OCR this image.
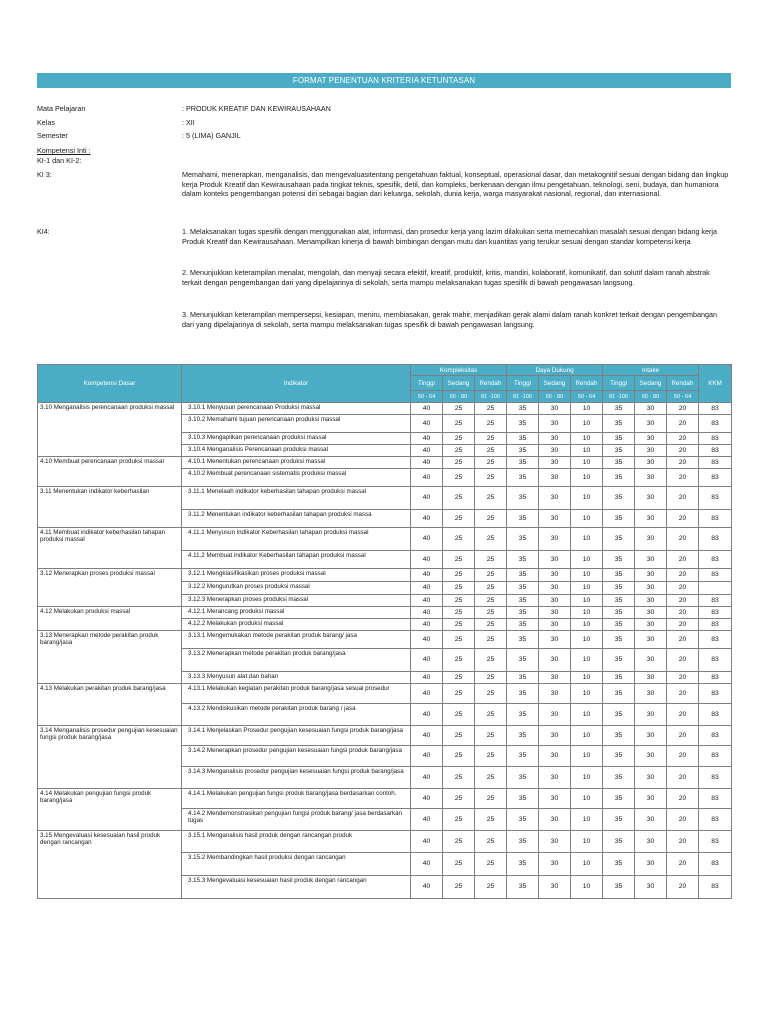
FORMAT PENENTUAN KRITERIA KETUNTASAN
Mata Pelajaran	: PRODUK KREATIF DAN KEWIRAUSAHAAN
Kelas	: XII
Semester	: 5 (LIMA) GANJIL
Kompetensi Inti :
KI-1 dan KI-2:
KI 3:	Memahami, menerapkan, menganalisis, dan mengevaluasitentang pengetahuan faktual, konseptual, operasional dasar, dan metakognitif sesuai dengan bidang dan lingkup kerja Produk Kreatif dan Kewirausahaan pada tingkat teknis, spesifik, detil, dan kompleks, berkenaan dengan ilmu pengetahuan, teknologi, seni, budaya, dan humaniora dalam konteks pengembangan potensi diri sebagai bagian dari keluarga, sekolah, dunia kerja, warga masyarakat nasional, regional, dan internasional.
KI4:	1. Melaksanakan tugas spesifik dengan menggunakan alat, informasi, dan prosedur kerja yang lazim dilakukan serta memecahkan masalah sesuai dengan bidang kerja Produk Kreatif dan Kewirausahaan. Menampilkan kinerja di bawah bimbingan dengan mutu dan kuantitas yang terukur sesuai dengan standar kompetensi kerja
2. Menunjukkan keterampilan menalar, mengolah, dan menyaji secara efektif, kreatif, produktif, kritis, mandiri, kolaboratif, komunikatif, dan solutif dalam ranah abstrak terkait dengan pengembangan dari yang dipelajarinya di sekolah, serta mampu melaksanakan tugas spesifik di bawah pengawasan langsung.
3. Menunjukkan keterampilan mempersepsi, kesiapan, meniru, membiasakan, gerak mahir, menjadikan gerak alami dalam ranah konkret terkait dengan pengembangan dari yang dipelajarinya di sekolah, serta mampu melaksanakan tugas spesifik di bawah pengawasan langsung.
Kompetensi Dasar	Indikator	Kompleksitas			Daya Dukung			Intake			KKM
		Tinggi	Sedang	Rendah	Tinggi	Sedang	Rendah	Tinggi	Sedang	Rendah	
		50 - 64	65 - 80	81 -100	81 -100	65 - 80	50 - 64	81 -100	65 - 80	50 - 64	
3.10 Menganalisis perencanaan produksi massal	3.10.1 Menyusun perencanaan Produksi massal	40	25	25	35	30	10	35	30	20	83
	3.10.2 Memahami tujuan perencanaan produksi massal	40	25	25	35	30	10	35	30	20	83
	3.10.3 Mengaplikan perencanaan produksi massal	40	25	25	35	30	10	35	30	20	83
	3.10.4 Menganalisis Perencanaan produksi massal	40	25	25	35	30	10	35	30	20	83
4.10 Membuat perencanaan produksi massal	4.10.1 Menentukan perencanaan produksi massal	40	25	25	35	30	10	35	30	20	83
	4.10.2 Membuat perencanaan sistematis produksi massal	40	25	25	35	30	10	35	30	20	83
3.11 Menentukan indikator keberhasilan	3.11.1 Menelaah indikator keberhasilan tahapan produksi massal	40	25	25	35	30	10	35	30	20	83
	3.11.2 Menentukan indikator keberhasilan tahapan produksi massa	40	25	25	35	30	10	35	30	20	83
4.11 Membuat indikator keberhasilan tahapan produksi massal	4.11.1 Menyusun indikator Keberhasilan tahapan produksi massal	40	25	25	35	30	10	35	30	20	83
	4.11.2 Membuat indikator Keberhasilan tahapan produksi massal	40	25	25	35	30	10	35	30	20	83
3.12 Menerapkan proses produksi massal	3.12.1 Mengklasifikasikan proses produksi massal	40	25	25	35	30	10	35	30	20	83
	3.12.2 Mengurutkan proses produksi massal	40	25	25	35	30	10	35	30	20	
	3.12.3 Menerapkan proses produksi massal	40	25	25	35	30	10	35	30	20	83
4.12 Melakukan produksi massal	4.12.1 Merancang produksi massal	40	25	25	35	30	10	35	30	20	83
	4.12.2 Melakukan produksi massal	40	25	25	35	30	10	35	30	20	83
3.13 Menerapkan metode perakitan produk barang/jasa	3.13.1 Mengemukakan metode perakitan produk barang/ jasa	40	25	25	35	30	10	35	30	20	83
	3.13.2 Menerapkan metode perakitan produk barang/jasa	40	25	25	35	30	10	35	30	20	83
	3.13.3 Menyusun alat dan bahan	40	25	25	35	30	10	35	30	20	83
4.13 Melakukan perakitan produk barang/jasa	4.13.1 Melakukan kegiatan perakitan produk barang/jasa sesuai prosedur	40	25	25	35	30	10	35	30	20	83
	4.13.2 Mendiskusikan metode perakitan produk barang / jasa	40	25	25	35	30	10	35	30	20	83
3.14 Menganalisis prosedur pengujian kesesuaian fungsi produk barang/jasa	3.14.1 Menjelaskan Prosedur pengujian kesesuaian fungsi produk barang/jasa	40	25	25	35	30	10	35	30	20	83
	3.14.2 Menerapkan prosedur pengujian kesesuaian fungsi produk barang/jasa	40	25	25	35	30	10	35	30	20	83
	3.14.3 Menganalisis prosedur pengujian kesesuaian fungsi produk barang/jasa	40	25	25	35	30	10	35	30	20	83
4.14 Melakukan pengujian fungsi produk barang/jasa	4.14.1 Melakukan pengujian fungsi produk barang/jasa berdasarkan contoh.	40	25	25	35	30	10	35	30	20	83
	4.14.2 Mendemonstrasikan pengujian fungsi produk barang/ jasa berdasarkan tugas	40	25	25	35	30	10	35	30	20	83
3.15 Mengevaluasi kesesuaian hasil produk dengan rancangan	3.15.1 Menganalisis hasil produk dengan rancangan produk	40	25	25	35	30	10	35	30	20	83
	3.15.2 Membandingkan hasil produksi dengan rancangan	40	25	25	35	30	10	35	30	20	83
	3.15.3 Mengevaluasi kesesuaian hasil produk dengan rancangan	40	25	25	35	30	10	35	30	20	83
